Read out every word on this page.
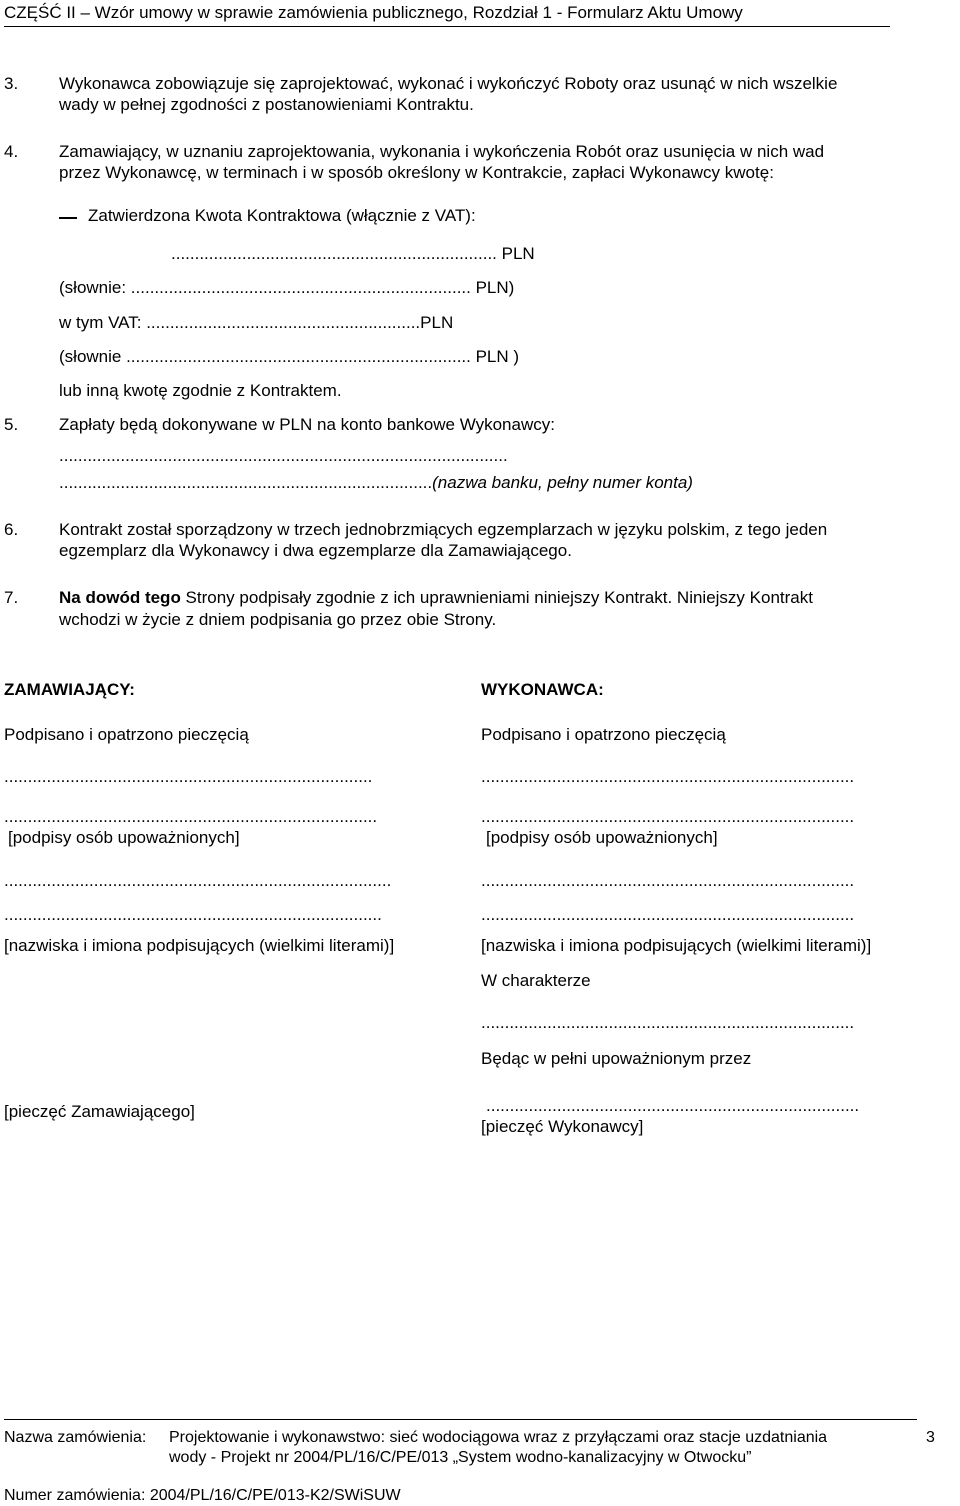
CZĘŚĆ II – Wzór umowy w sprawie zamówienia publicznego, Rozdział 1 - Formularz Aktu Umowy
3. Wykonawca zobowiązuje się zaprojektować, wykonać i wykończyć Roboty oraz usunąć w nich wszelkie
wady w pełnej zgodności z postanowieniami Kontraktu.
4. Zamawiający, w uznaniu zaprojektowania, wykonania i wykończenia Robót oraz usunięcia w nich wad
przez Wykonawcę, w terminach i w sposób określony w Kontrakcie, zapłaci Wykonawcy kwotę:
Zatwierdzona Kwota Kontraktowa (włącznie z VAT):
..................................................................... PLN
(słownie: ........................................................................ PLN)
w tym VAT: ..........................................................PLN
(słownie ......................................................................... PLN )
lub inną kwotę zgodnie z Kontraktem.
5. Zapłaty będą dokonywane w PLN na konto bankowe Wykonawcy:
...............................................................................................
...............................................................................(nazwa banku, pełny numer konta)
6. Kontrakt został sporządzony w trzech jednobrzmiących egzemplarzach w języku polskim, z tego jeden
egzemplarz dla Wykonawcy i dwa egzemplarze dla Zamawiającego.
7. Na dowód tego Strony podpisały zgodnie z ich uprawnieniami niniejszy Kontrakt. Niniejszy Kontrakt
wchodzi w życie z dniem podpisania go przez obie Strony.
ZAMAWIAJĄCY:
Podpisano i opatrzono pieczęcią
..............................................................................
...............................................................................
[podpisy osób upoważnionych]
..................................................................................
................................................................................
[nazwiska i imiona podpisujących (wielkimi literami)]
[pieczęć Zamawiającego]
WYKONAWCA:
Podpisano i opatrzono pieczęcią
...............................................................................
...............................................................................
[podpisy osób upoważnionych]
...............................................................................
...............................................................................
[nazwiska i imiona podpisujących (wielkimi literami)]
W charakterze
...............................................................................
Będąc w pełni upoważnionym przez
...............................................................................
[pieczęć Wykonawcy]
Nazwa zamówienia: Projektowanie i wykonawstwo: sieć wodociągowa wraz z przyłączami oraz stacje uzdatniania
wody - Projekt nr 2004/PL/16/C/PE/013 „System wodno-kanalizacyjny w Otwocku”
3
Numer zamówienia: 2004/PL/16/C/PE/013-K2/SWiSUW
